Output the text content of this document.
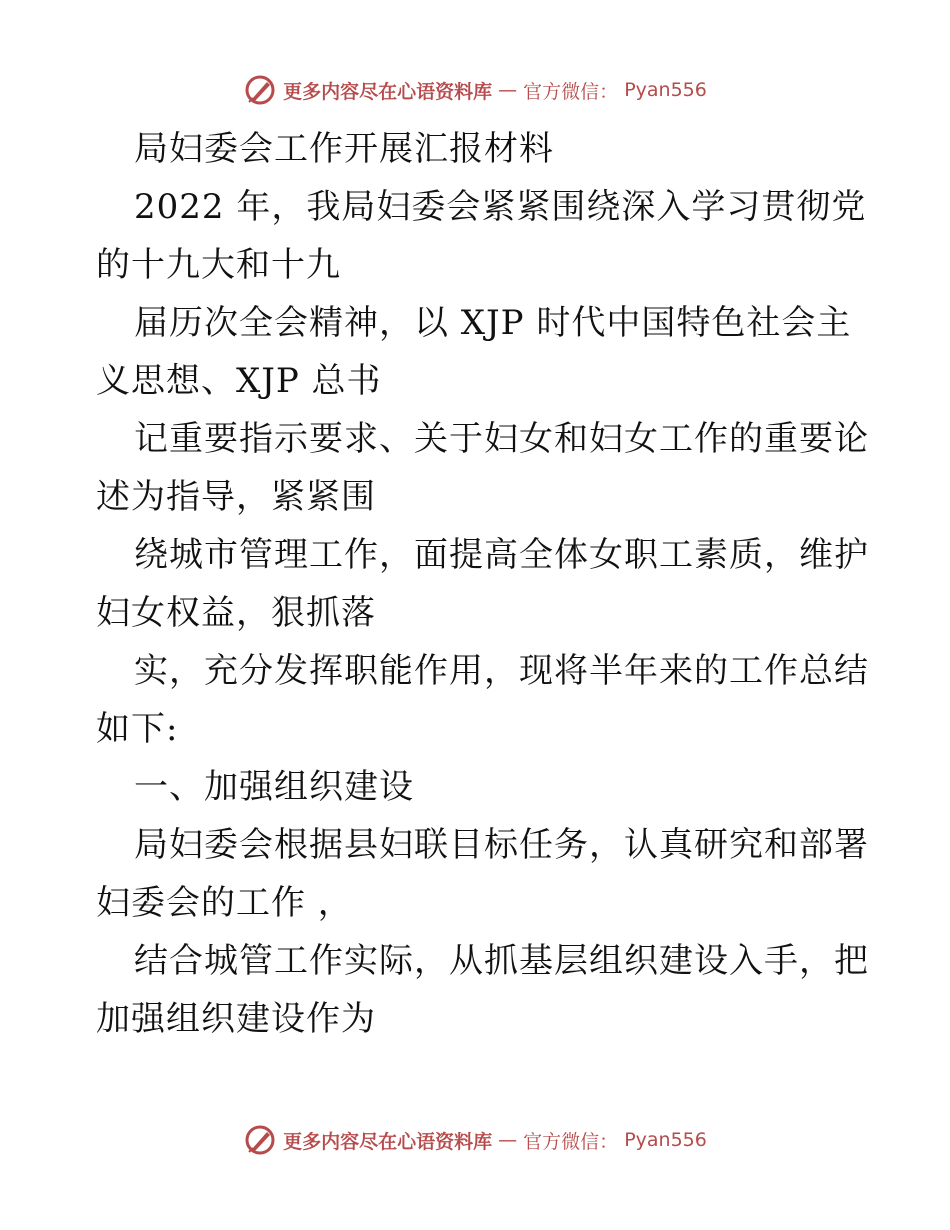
更多内容尽在心语资料库 — 官方微信： Pyan556
局妇委会工作开展汇报材料
2022 年，我局妇委会紧紧围绕深入学习贯彻党
的十九大和十九
届历次全会精神，以 XJP 时代中国特色社会主
义思想、XJP 总书
记重要指示要求、关于妇女和妇女工作的重要论
述为指导，紧紧围
绕城市管理工作，面提高全体女职工素质，维护
妇女权益，狠抓落
实，充分发挥职能作用，现将半年来的工作总结
如下:
一、加强组织建设
局妇委会根据县妇联目标任务，认真研究和部署
妇委会的工作 ，
结合城管工作实际，从抓基层组织建设入手，把
加强组织建设作为
更多内容尽在心语资料库 — 官方微信： Pyan556
